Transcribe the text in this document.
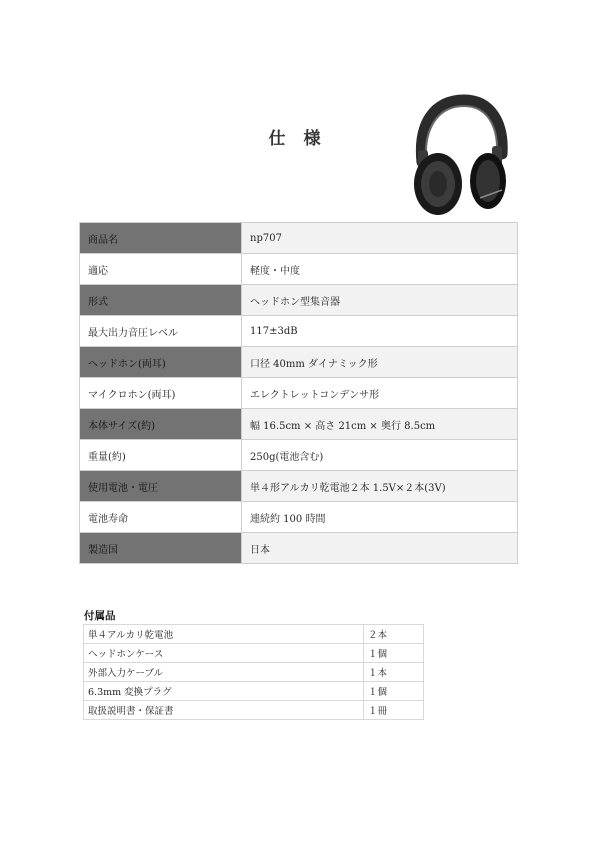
仕 様
商品名	np707
適応	軽度・中度
形式	ヘッドホン型集音器
最大出力音圧レベル	117±3dB
ヘッドホン(両耳)	口径 40mm ダイナミック形
マイクロホン(両耳)	エレクトレットコンデンサ形
本体サイズ(約)	幅 16.5cm × 高さ 21cm × 奥行 8.5cm
重量(約)	250g(電池含む)
使用電池・電圧	単４形アルカリ乾電池２本 1.5V×２本(3V)
電池寿命	連続約 100 時間
製造国	日本
付属品
単４アルカリ乾電池	２本
ヘッドホンケース	１個
外部入力ケーブル	１本
6.3mm 変換プラグ	１個
取扱説明書・保証書	１冊
